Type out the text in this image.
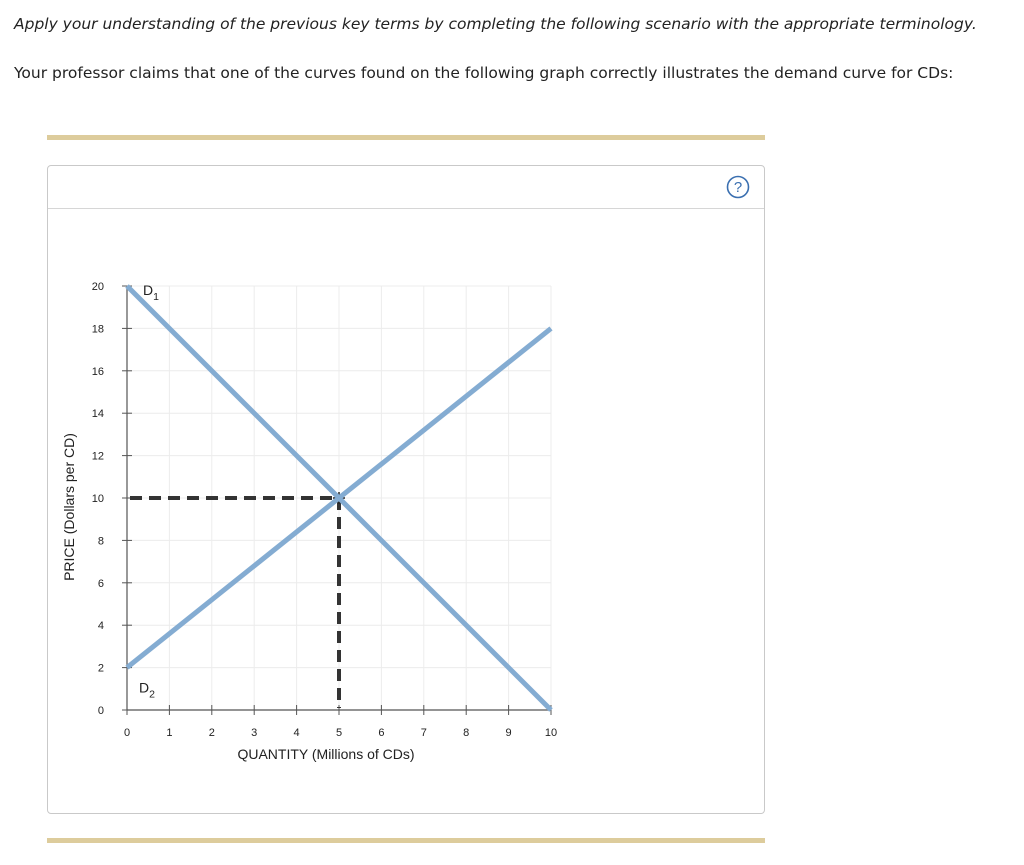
Apply your understanding of the previous key terms by completing the following scenario with the appropriate terminology.

Your professor claims that one of the curves found on the following graph correctly illustrates the demand curve for CDs:

?
0
2
4
6
8
10
12
14
16
18
20
0	1	2	3	4	5	6	7	8	9	10
QUANTITY (Millions of CDs)
PRICE (Dollars per CD)
$D_1$
$D_2$
